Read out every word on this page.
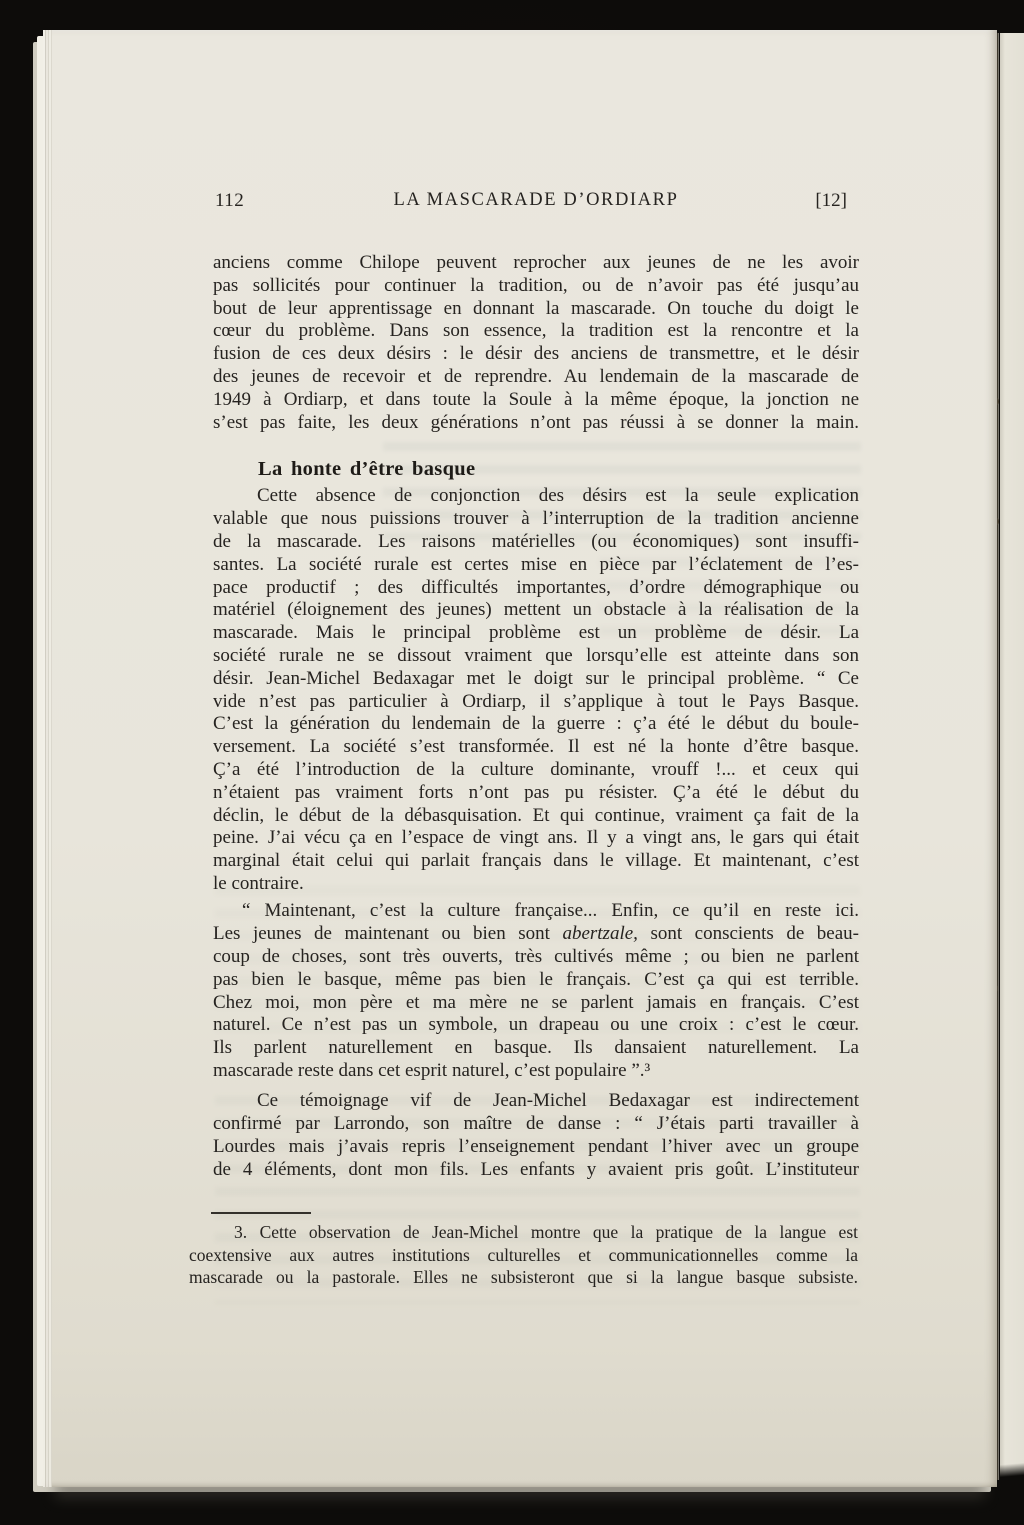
112	LA MASCARADE D’ORDIARP	[12]
anciens comme Chilope peuvent reprocher aux jeunes de ne les avoir
pas sollicités pour continuer la tradition, ou de n’avoir pas été jusqu’au
bout de leur apprentissage en donnant la mascarade. On touche du doigt le
cœur du problème. Dans son essence, la tradition est la rencontre et la
fusion de ces deux désirs : le désir des anciens de transmettre, et le désir
des jeunes de recevoir et de reprendre. Au lendemain de la mascarade de
1949 à Ordiarp, et dans toute la Soule à la même époque, la jonction ne
s’est pas faite, les deux générations n’ont pas réussi à se donner la main.
La honte d’être basque
Cette absence de conjonction des désirs est la seule explication
valable que nous puissions trouver à l’interruption de la tradition ancienne
de la mascarade. Les raisons matérielles (ou économiques) sont insuffi-
santes. La société rurale est certes mise en pièce par l’éclatement de l’es-
pace productif ; des difficultés importantes, d’ordre démographique ou
matériel (éloignement des jeunes) mettent un obstacle à la réalisation de la
mascarade. Mais le principal problème est un problème de désir. La
société rurale ne se dissout vraiment que lorsqu’elle est atteinte dans son
désir. Jean-Michel Bedaxagar met le doigt sur le principal problème. “ Ce
vide n’est pas particulier à Ordiarp, il s’applique à tout le Pays Basque.
C’est la génération du lendemain de la guerre : ç’a été le début du boule-
versement. La société s’est transformée. Il est né la honte d’être basque.
Ç’a été l’introduction de la culture dominante, vrouff !... et ceux qui
n’étaient pas vraiment forts n’ont pas pu résister. Ç’a été le début du
déclin, le début de la débasquisation. Et qui continue, vraiment ça fait de la
peine. J’ai vécu ça en l’espace de vingt ans. Il y a vingt ans, le gars qui était
marginal était celui qui parlait français dans le village. Et maintenant, c’est
le contraire.
“ Maintenant, c’est la culture française... Enfin, ce qu’il en reste ici.
Les jeunes de maintenant ou bien sont abertzale, sont conscients de beau-
coup de choses, sont très ouverts, très cultivés même ; ou bien ne parlent
pas bien le basque, même pas bien le français. C’est ça qui est terrible.
Chez moi, mon père et ma mère ne se parlent jamais en français. C’est
naturel. Ce n’est pas un symbole, un drapeau ou une croix : c’est le cœur.
Ils parlent naturellement en basque. Ils dansaient naturellement. La
mascarade reste dans cet esprit naturel, c’est populaire ”.³
Ce témoignage vif de Jean-Michel Bedaxagar est indirectement
confirmé par Larrondo, son maître de danse : “ J’étais parti travailler à
Lourdes mais j’avais repris l’enseignement pendant l’hiver avec un groupe
de 4 éléments, dont mon fils. Les enfants y avaient pris goût. L’instituteur
3. Cette observation de Jean-Michel montre que la pratique de la langue est
coextensive aux autres institutions culturelles et communicationnelles comme la
mascarade ou la pastorale. Elles ne subsisteront que si la langue basque subsiste.
